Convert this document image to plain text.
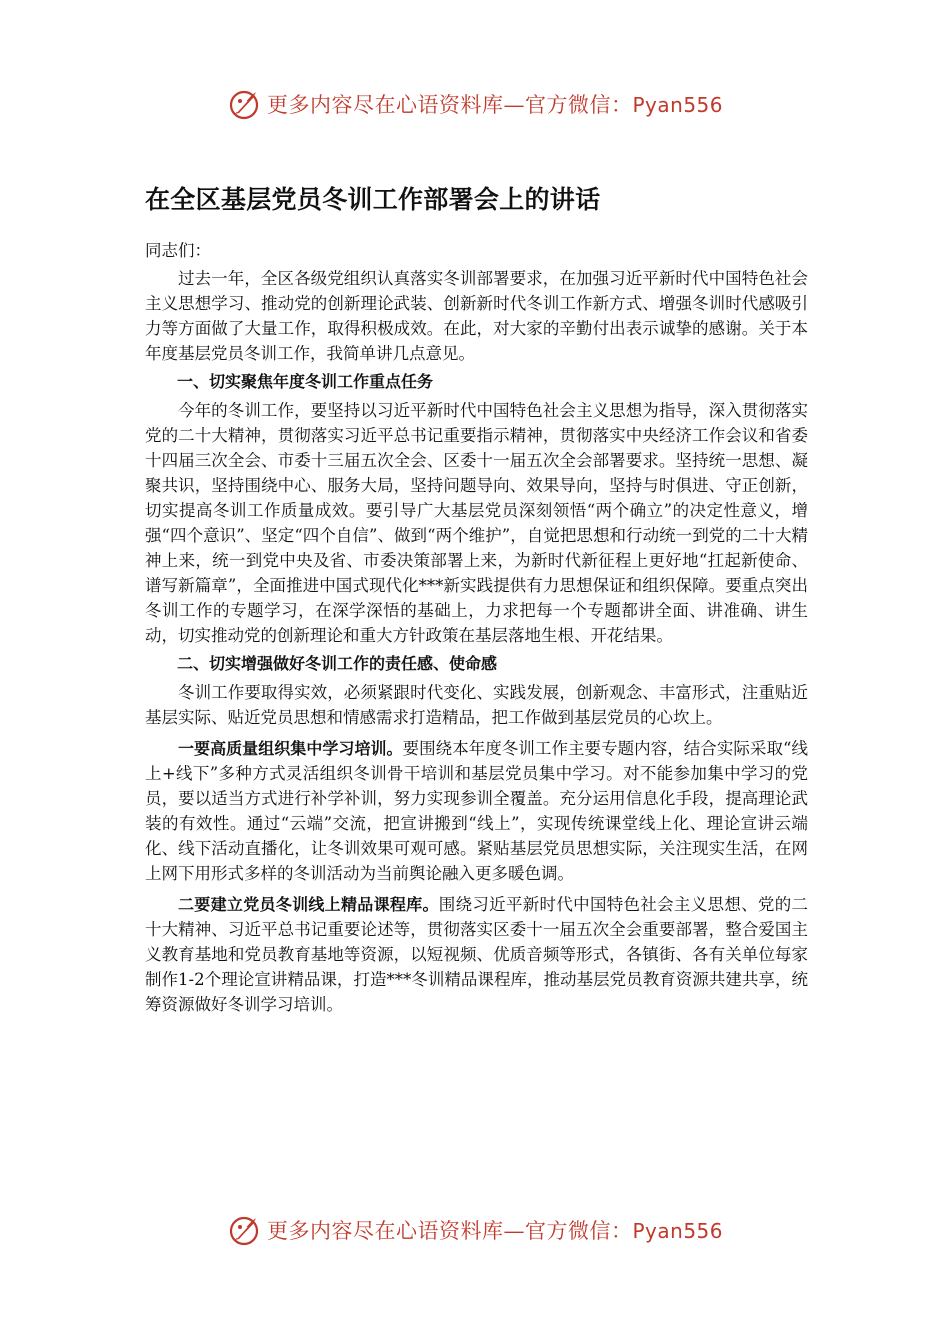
更多内容尽在心语资料库—官方微信：Pyan556
在全区基层党员冬训工作部署会上的讲话

同志们：

过去一年，全区各级党组织认真落实冬训部署要求，在加强习近平新时代中国特色社会主义思想学习、推动党的创新理论武装、创新新时代冬训工作新方式、增强冬训时代感吸引力等方面做了大量工作，取得积极成效。在此，对大家的辛勤付出表示诚挚的感谢。关于本年度基层党员冬训工作，我简单讲几点意见。

一、切实聚焦年度冬训工作重点任务

今年的冬训工作，要坚持以习近平新时代中国特色社会主义思想为指导，深入贯彻落实党的二十大精神，贯彻落实习近平总书记重要指示精神，贯彻落实中央经济工作会议和省委十四届三次全会、市委十三届五次全会、区委十一届五次全会部署要求。坚持统一思想、凝聚共识，坚持围绕中心、服务大局，坚持问题导向、效果导向，坚持与时俱进、守正创新，切实提高冬训工作质量成效。要引导广大基层党员深刻领悟“两个确立”的决定性意义，增强“四个意识”、坚定“四个自信”、做到“两个维护”，自觉把思想和行动统一到党的二十大精神上来，统一到党中央及省、市委决策部署上来，为新时代新征程上更好地“扛起新使命、谱写新篇章”，全面推进中国式现代化***新实践提供有力思想保证和组织保障。要重点突出冬训工作的专题学习，在深学深悟的基础上，力求把每一个专题都讲全面、讲准确、讲生动，切实推动党的创新理论和重大方针政策在基层落地生根、开花结果。

二、切实增强做好冬训工作的责任感、使命感

冬训工作要取得实效，必须紧跟时代变化、实践发展，创新观念、丰富形式，注重贴近基层实际、贴近党员思想和情感需求打造精品，把工作做到基层党员的心坎上。

一要高质量组织集中学习培训。要围绕本年度冬训工作主要专题内容，结合实际采取“线上+线下”多种方式灵活组织冬训骨干培训和基层党员集中学习。对不能参加集中学习的党员，要以适当方式进行补学补训，努力实现参训全覆盖。充分运用信息化手段，提高理论武装的有效性。通过“云端”交流，把宣讲搬到“线上”，实现传统课堂线上化、理论宣讲云端化、线下活动直播化，让冬训效果可观可感。紧贴基层党员思想实际，关注现实生活，在网上网下用形式多样的冬训活动为当前舆论融入更多暖色调。

二要建立党员冬训线上精品课程库。围绕习近平新时代中国特色社会主义思想、党的二十大精神、习近平总书记重要论述等，贯彻落实区委十一届五次全会重要部署，整合爱国主义教育基地和党员教育基地等资源，以短视频、优质音频等形式，各镇街、各有关单位每家制作1-2个理论宣讲精品课，打造***冬训精品课程库，推动基层党员教育资源共建共享，统筹资源做好冬训学习培训。

更多内容尽在心语资料库—官方微信：Pyan556
